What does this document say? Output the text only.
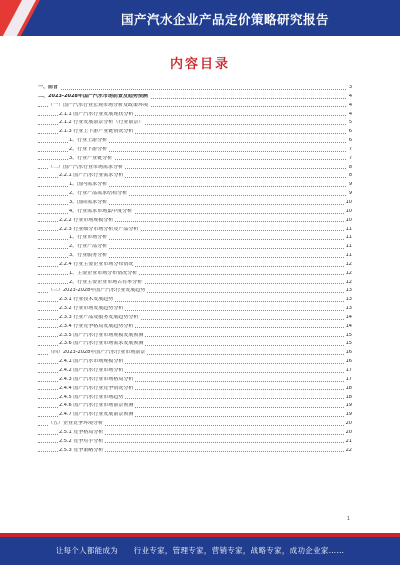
国产汽水企业产品定价策略研究报告
内容目录
一、前言	3
二、2023-2028年国产汽水市场前景及趋势预测	4
（一）国产汽水行业宏观市场分析及政策环境	4
2.1.1 国产汽水行业发展现状分析	4
2.1.2 行业发展前景分析（行业前景）	5
2.1.3 行业上下游产业链情况分析	6
1、行业上游分析	6
2、行业下游分析	7
3、行业产业链分析	7
（二）国产汽水行业市场需求分析	8
2.2.1 国产汽水行业需求分析	8
1、国内需求分析	9
2、行业产品需求结构分析	9
3、国际需求分析	10
4、行业需求市场集中度分析	10
2.2.2 行业市场规模分析	10
2.2.3 行业细分市场分析及产品分析	11
1、行业市场分析	11
2、行业产品分析	11
3、行业服务分析	11
2.2.4 行业主要企业市场分布情况	12
1、主要企业市场分布情况分析	12
2、行业主要企业市场占有率分析	12
（三）2023-2028年国产汽水行业发展趋势	13
2.3.1 行业技术发展趋势	13
2.3.2 行业市场发展趋势分析	13
2.3.3 行业产品及服务发展趋势分析	14
2.3.4 行业竞争格局发展趋势分析	14
2.3.5 国产汽水行业市场规模发展预测	15
2.3.6 国产汽水行业市场需求发展预测	15
（四）2023-2028年国产汽水行业市场前景	16
2.4.1 国产汽水市场规模分析	16
2.4.2 国产汽水行业市场分析	17
2.4.3 国产汽水行业市场格局分析	17
2.4.4 国产汽水行业竞争情况分析	18
2.4.5 国产汽水行业市场趋势	18
2.4.6 国产汽水行业市场前景预测	19
2.4.7 国产汽水行业发展前景预测	19
（五）企业竞争环境分析	20
2.5.1 竞争格局分析	20
2.5.2 竞争对手分析	21
2.5.3 竞争策略分析	22
1
让每个人都能成为　　行业专家，管理专家，营销专家，战略专家，成功企业家……
